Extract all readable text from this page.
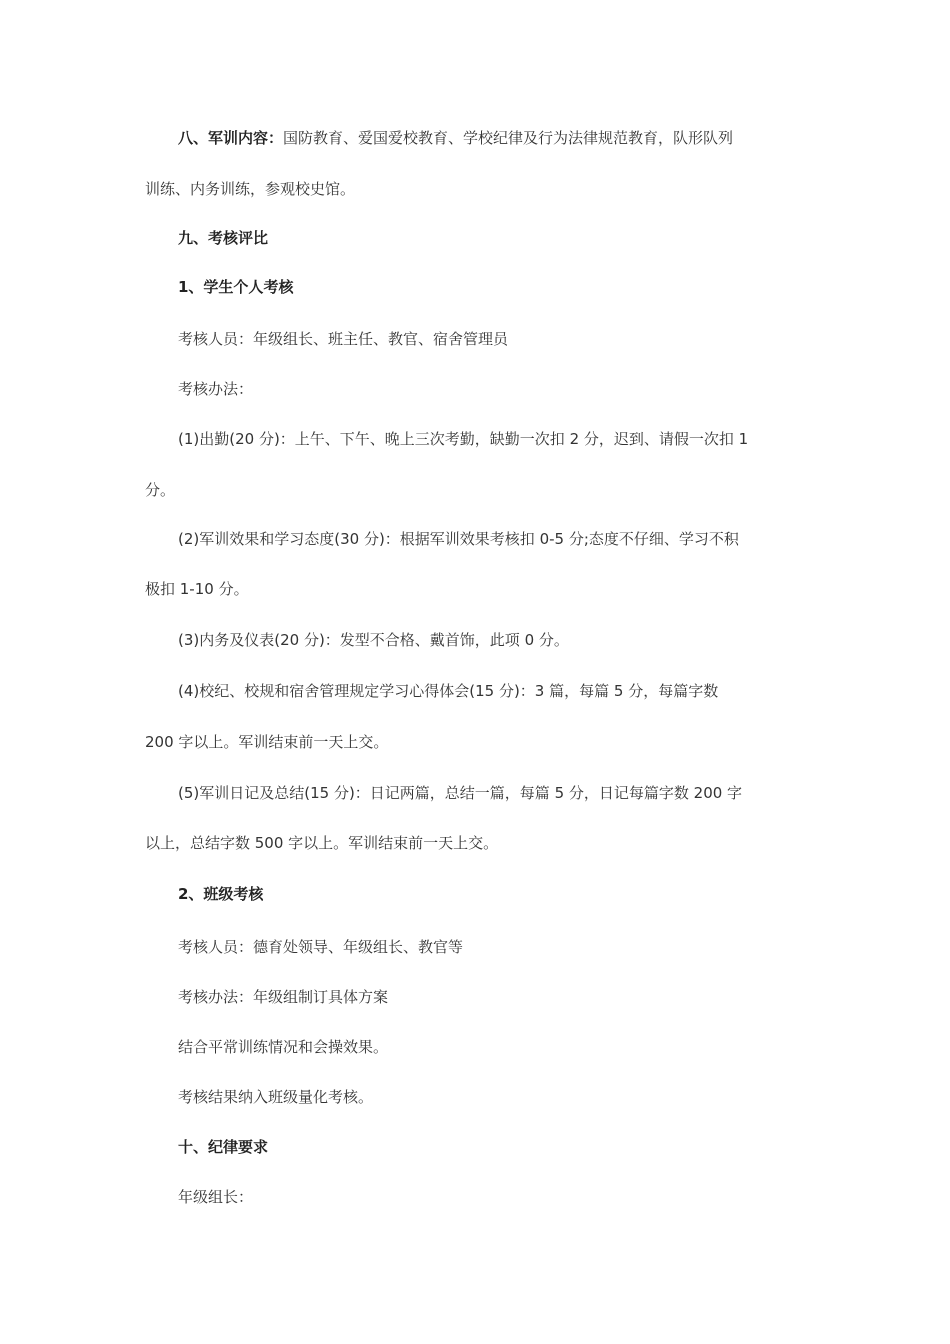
八、军训内容：国防教育、爱国爱校教育、学校纪律及行为法律规范教育，队形队列
训练、内务训练，参观校史馆。
九、考核评比
1、学生个人考核
考核人员：年级组长、班主任、教官、宿舍管理员
考核办法：
(1)出勤(20 分)：上午、下午、晚上三次考勤，缺勤一次扣 2 分，迟到、请假一次扣 1
分。
(2)军训效果和学习态度(30 分)：根据军训效果考核扣 0-5 分;态度不仔细、学习不积
极扣 1-10 分。
(3)内务及仪表(20 分)：发型不合格、戴首饰，此项 0 分。
(4)校纪、校规和宿舍管理规定学习心得体会(15 分)：3 篇，每篇 5 分，每篇字数
200 字以上。军训结束前一天上交。
(5)军训日记及总结(15 分)：日记两篇，总结一篇，每篇 5 分，日记每篇字数 200 字
以上，总结字数 500 字以上。军训结束前一天上交。
2、班级考核
考核人员：德育处领导、年级组长、教官等
考核办法：年级组制订具体方案
结合平常训练情况和会操效果。
考核结果纳入班级量化考核。
十、纪律要求
年级组长：
